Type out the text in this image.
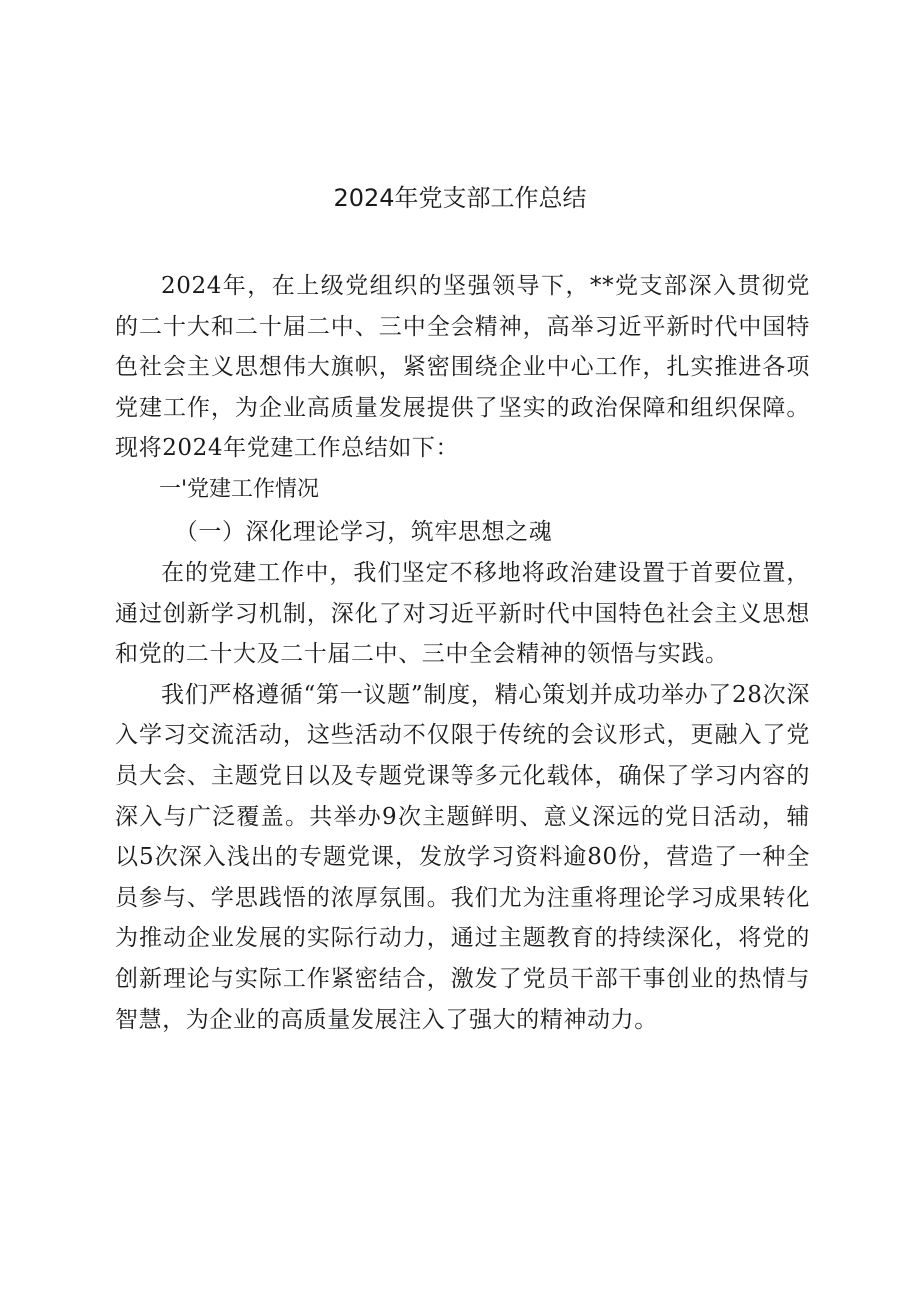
2024年党支部工作总结

2024年，在上级党组织的坚强领导下，**党支部深入贯彻党的二十大和二十届二中、三中全会精神，高举习近平新时代中国特色社会主义思想伟大旗帜，紧密围绕企业中心工作，扎实推进各项党建工作，为企业高质量发展提供了坚实的政治保障和组织保障。现将2024年党建工作总结如下：

一'党建工作情况

（一）深化理论学习，筑牢思想之魂

在的党建工作中，我们坚定不移地将政治建设置于首要位置，通过创新学习机制，深化了对习近平新时代中国特色社会主义思想和党的二十大及二十届二中、三中全会精神的领悟与实践。

我们严格遵循“第一议题”制度，精心策划并成功举办了28次深入学习交流活动，这些活动不仅限于传统的会议形式，更融入了党员大会、主题党日以及专题党课等多元化载体，确保了学习内容的深入与广泛覆盖。共举办9次主题鲜明、意义深远的党日活动，辅以5次深入浅出的专题党课，发放学习资料逾80份，营造了一种全员参与、学思践悟的浓厚氛围。我们尤为注重将理论学习成果转化为推动企业发展的实际行动力，通过主题教育的持续深化，将党的创新理论与实际工作紧密结合，激发了党员干部干事创业的热情与智慧，为企业的高质量发展注入了强大的精神动力。
